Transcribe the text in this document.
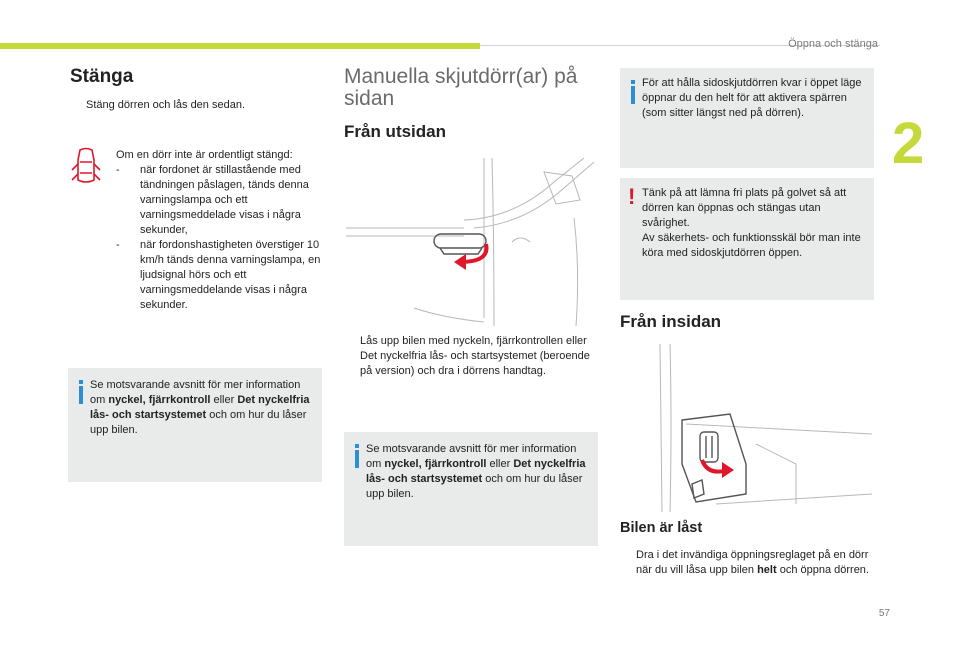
Öppna och stänga
2
57
Stänga
Stäng dörren och lås den sedan.
Om en dörr inte är ordentligt stängd:
-	när fordonet är stillastående med tändningen påslagen, tänds denna varningslampa och ett varningsmeddelade visas i några sekunder,
-	när fordonshastigheten överstiger 10 km/h tänds denna varningslampa, en ljudsignal hörs och ett varningsmeddelande visas i några sekunder.
Se motsvarande avsnitt för mer information om nyckel, fjärrkontroll eller Det nyckelfria lås- och startsystemet och om hur du låser upp bilen.
Manuella skjutdörr(ar) på sidan
Från utsidan
Lås upp bilen med nyckeln, fjärrkontrollen eller Det nyckelfria lås- och startsystemet (beroende på version) och dra i dörrens handtag.
Se motsvarande avsnitt för mer information om nyckel, fjärrkontroll eller Det nyckelfria lås- och startsystemet och om hur du låser upp bilen.
För att hålla sidoskjutdörren kvar i öppet läge öppnar du den helt för att aktivera spärren (som sitter längst ned på dörren).
! Tänk på att lämna fri plats på golvet så att dörren kan öppnas och stängas utan svårighet.
Av säkerhets- och funktionsskäl bör man inte köra med sidoskjutdörren öppen.
Från insidan
Bilen är låst
Dra i det invändiga öppningsreglaget på en dörr när du vill låsa upp bilen helt och öppna dörren.
